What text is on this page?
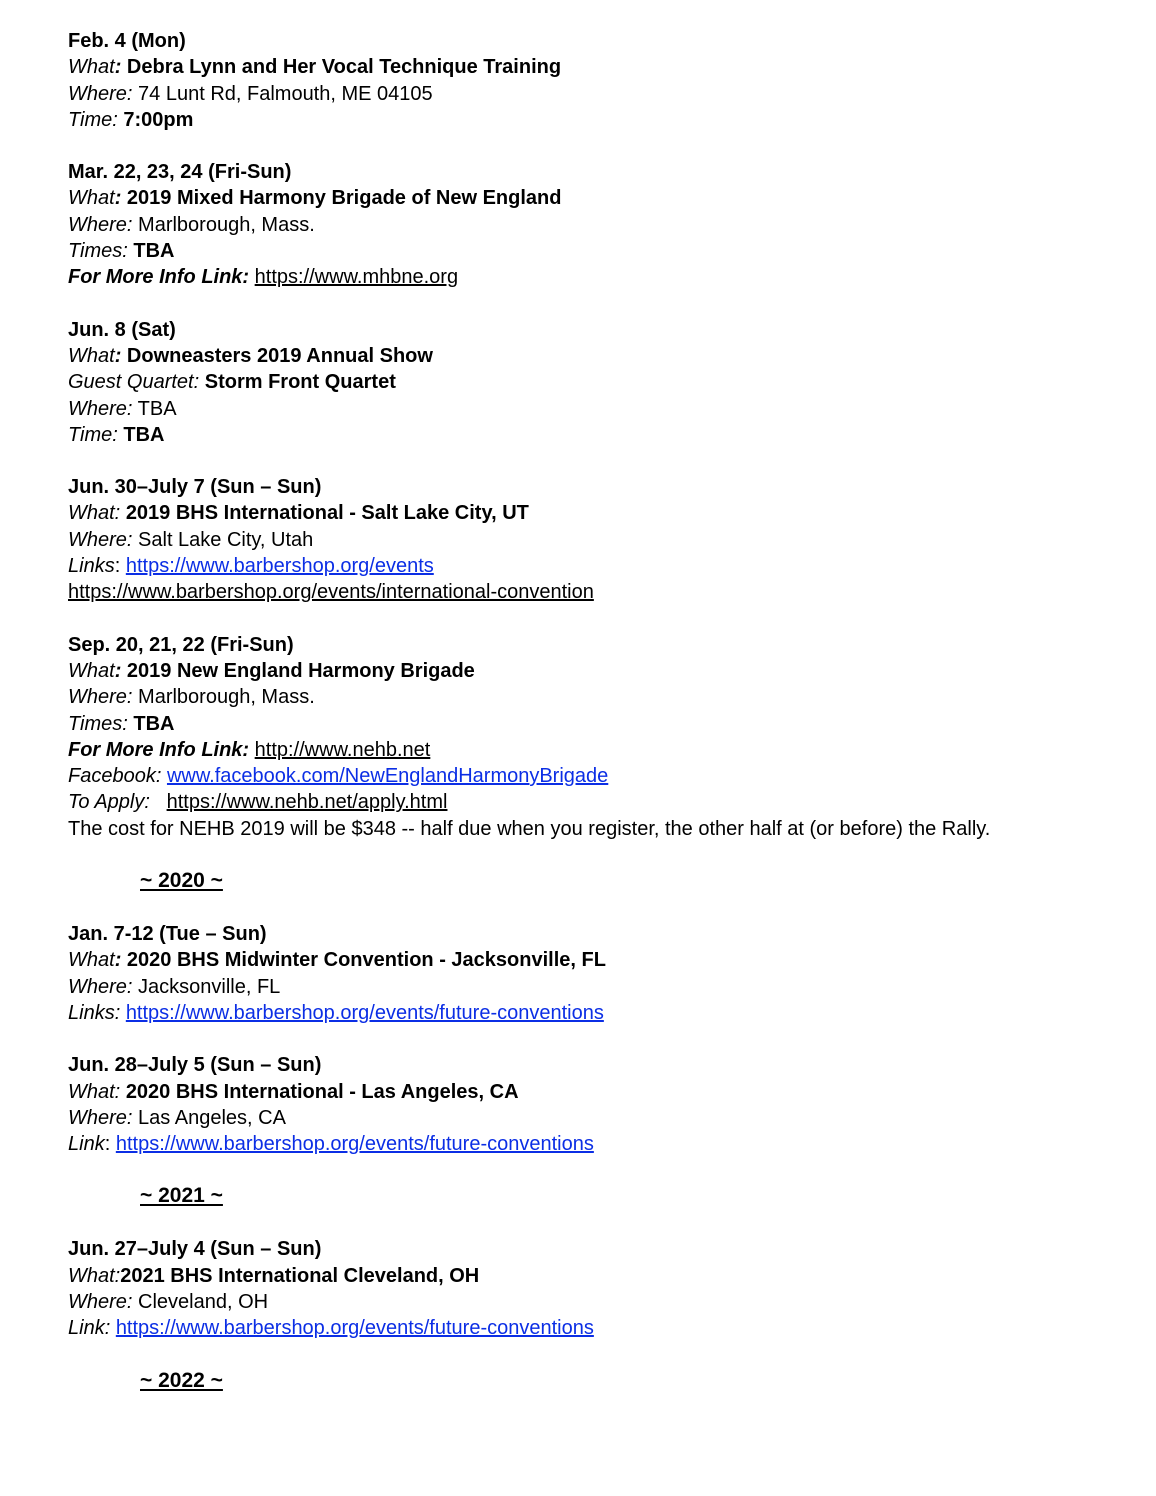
Feb. 4 (Mon)
What: Debra Lynn and Her Vocal Technique Training
Where: 74 Lunt Rd, Falmouth, ME 04105
Time: 7:00pm
Mar. 22, 23, 24 (Fri-Sun)
What: 2019 Mixed Harmony Brigade of New England
Where: Marlborough, Mass.
Times: TBA
For More Info Link: https://www.mhbne.org
Jun. 8 (Sat)
What: Downeasters 2019 Annual Show
Guest Quartet: Storm Front Quartet
Where: TBA
Time: TBA
Jun. 30–July 7 (Sun – Sun)
What: 2019 BHS International - Salt Lake City, UT
Where: Salt Lake City, Utah
Links: https://www.barbershop.org/events
https://www.barbershop.org/events/international-convention
Sep. 20, 21, 22 (Fri-Sun)
What: 2019 New England Harmony Brigade
Where: Marlborough, Mass.
Times: TBA
For More Info Link: http://www.nehb.net
Facebook: www.facebook.com/NewEnglandHarmonyBrigade
To Apply: https://www.nehb.net/apply.html
The cost for NEHB 2019 will be $348 -- half due when you register, the other half at (or before) the Rally.
~ 2020 ~
Jan. 7-12 (Tue – Sun)
What: 2020 BHS Midwinter Convention - Jacksonville, FL
Where: Jacksonville, FL
Links: https://www.barbershop.org/events/future-conventions
Jun. 28–July 5 (Sun – Sun)
What: 2020 BHS International - Las Angeles, CA
Where: Las Angeles, CA
Link: https://www.barbershop.org/events/future-conventions
~ 2021 ~
Jun. 27–July 4 (Sun – Sun)
What:2021 BHS International Cleveland, OH
Where: Cleveland, OH
Link: https://www.barbershop.org/events/future-conventions
~ 2022 ~
